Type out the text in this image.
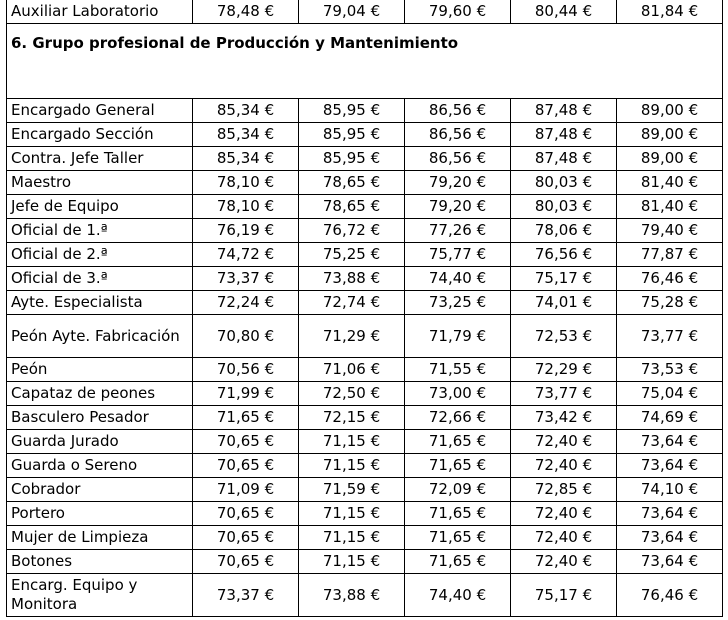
Auxiliar Laboratorio	78,48 €	79,04 €	79,60 €	80,44 €	81,84 €
6. Grupo profesional de Producción y Mantenimiento					
Encargado General	85,34 €	85,95 €	86,56 €	87,48 €	89,00 €
Encargado Sección	85,34 €	85,95 €	86,56 €	87,48 €	89,00 €
Contra. Jefe Taller	85,34 €	85,95 €	86,56 €	87,48 €	89,00 €
Maestro	78,10 €	78,65 €	79,20 €	80,03 €	81,40 €
Jefe de Equipo	78,10 €	78,65 €	79,20 €	80,03 €	81,40 €
Oficial de 1.ª	76,19 €	76,72 €	77,26 €	78,06 €	79,40 €
Oficial de 2.ª	74,72 €	75,25 €	75,77 €	76,56 €	77,87 €
Oficial de 3.ª	73,37 €	73,88 €	74,40 €	75,17 €	76,46 €
Ayte. Especialista	72,24 €	72,74 €	73,25 €	74,01 €	75,28 €
Peón Ayte. Fabricación	70,80 €	71,29 €	71,79 €	72,53 €	73,77 €
Peón	70,56 €	71,06 €	71,55 €	72,29 €	73,53 €
Capataz de peones	71,99 €	72,50 €	73,00 €	73,77 €	75,04 €
Basculero Pesador	71,65 €	72,15 €	72,66 €	73,42 €	74,69 €
Guarda Jurado	70,65 €	71,15 €	71,65 €	72,40 €	73,64 €
Guarda o Sereno	70,65 €	71,15 €	71,65 €	72,40 €	73,64 €
Cobrador	71,09 €	71,59 €	72,09 €	72,85 €	74,10 €
Portero	70,65 €	71,15 €	71,65 €	72,40 €	73,64 €
Mujer de Limpieza	70,65 €	71,15 €	71,65 €	72,40 €	73,64 €
Botones	70,65 €	71,15 €	71,65 €	72,40 €	73,64 €
Encarg. Equipo y Monitora	73,37 €	73,88 €	74,40 €	75,17 €	76,46 €
